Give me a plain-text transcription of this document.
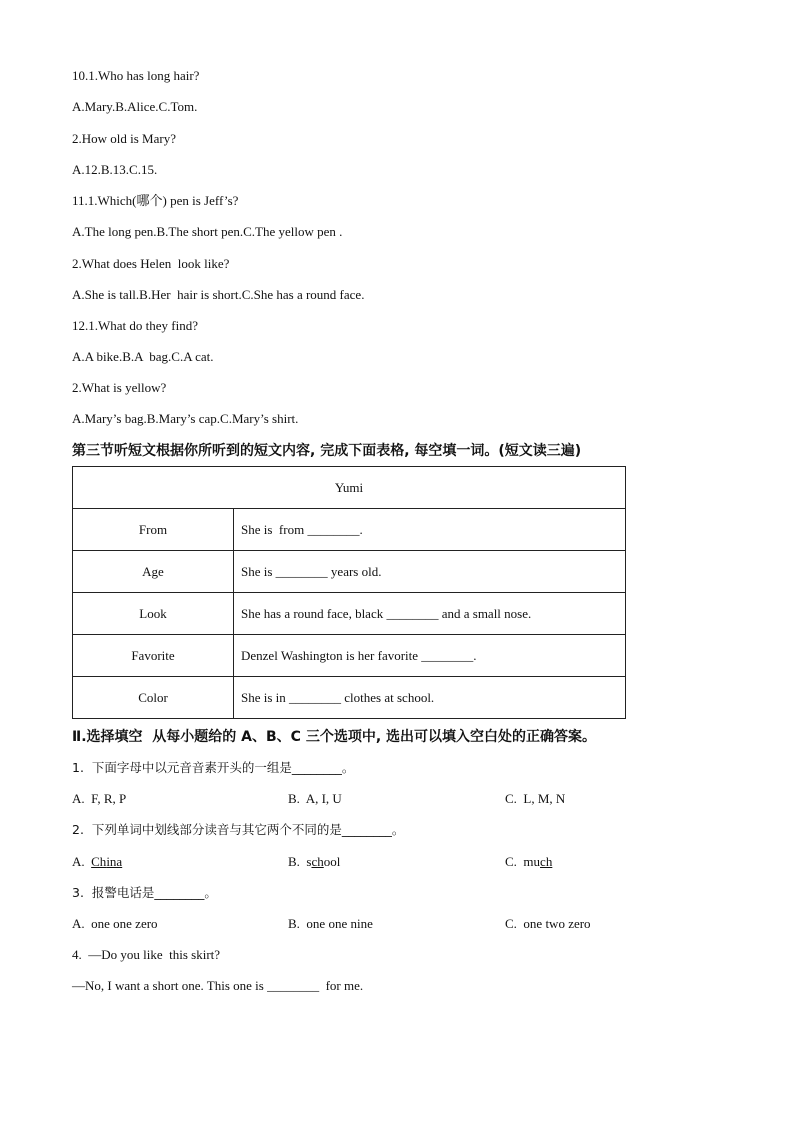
10.1.Who has long hair?
A.Mary.B.Alice.C.Tom.
2.How old is Mary?
A.12.B.13.C.15.
11.1.Which(哪个) pen is Jeff’s?
A.The long pen.B.The short pen.C.The yellow pen .
2.What does Helen  look like?
A.She is tall.B.Her  hair is short.C.She has a round face.
12.1.What do they find?
A.A bike.B.A  bag.C.A cat.
2.What is yellow?
A.Mary’s bag.B.Mary’s cap.C.Mary’s shirt.
第三节听短文根据你所听到的短文内容, 完成下面表格, 每空填一词。(短文读三遍)
Yumi	
From	She is  from ________.
Age	She is ________ years old.
Look	She has a round face, black ________ and a small nose.
Favorite	Denzel Washington is her favorite ________.
Color	She is in ________ clothes at school.
Ⅱ.选择填空  从每小题给的 A、B、C 三个选项中, 选出可以填入空白处的正确答案。
1.  下面字母中以元音音素开头的一组是________。
A.  F, R, P	B.  A, I, U	C.  L, M, N
2.  下列单词中划线部分读音与其它两个不同的是________。
A.  China	B.  school	C.  much
3.  报警电话是________。
A.  one one zero	B.  one one nine	C.  one two zero
4.  —Do you like  this skirt?
—No, I want a short one. This one is ________  for me.
